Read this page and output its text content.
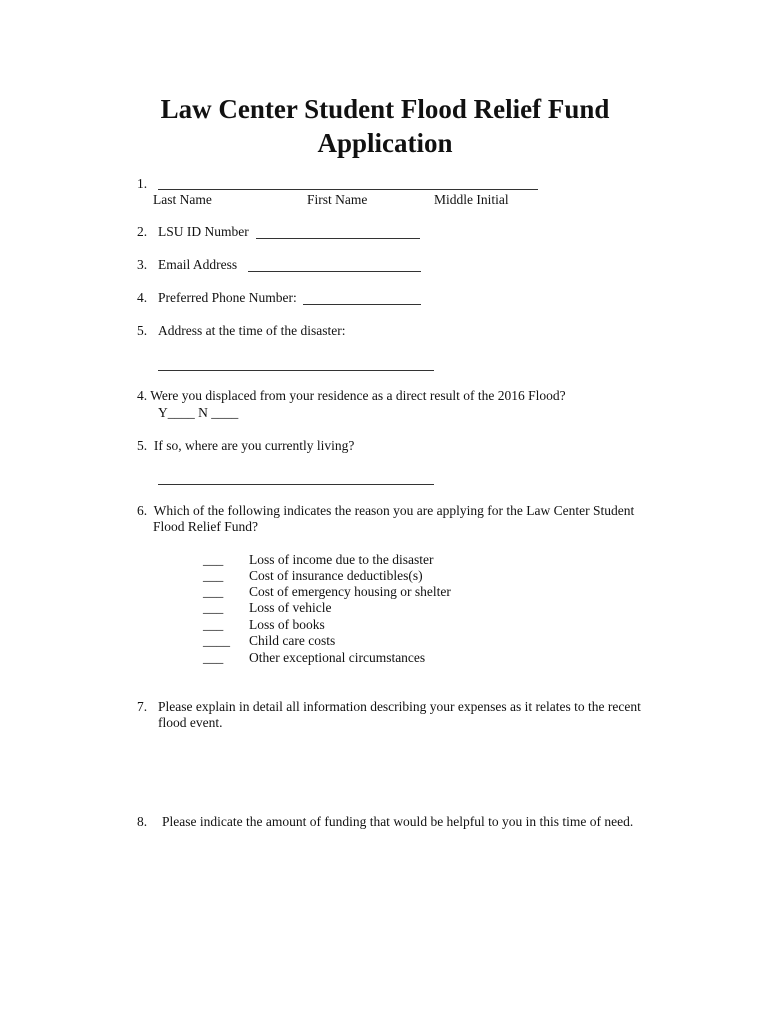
Law Center Student Flood Relief Fund
Application
1.
Last Name	First Name	Middle Initial
2. LSU ID Number
3. Email Address
4. Preferred Phone Number:
5. Address at the time of the disaster:
4. Were you displaced from your residence as a direct result of the 2016 Flood?
Y____ N ____
5.  If so, where are you currently living?
6.  Which of the following indicates the reason you are applying for the Law Center Student
Flood Relief Fund?
___ Loss of income due to the disaster
___ Cost of insurance deductibles(s)
___ Cost of emergency housing or shelter
___ Loss of vehicle
___ Loss of books
____ Child care costs
___ Other exceptional circumstances
7. Please explain in detail all information describing your expenses as it relates to the recent
flood event.
8. Please indicate the amount of funding that would be helpful to you in this time of need.
